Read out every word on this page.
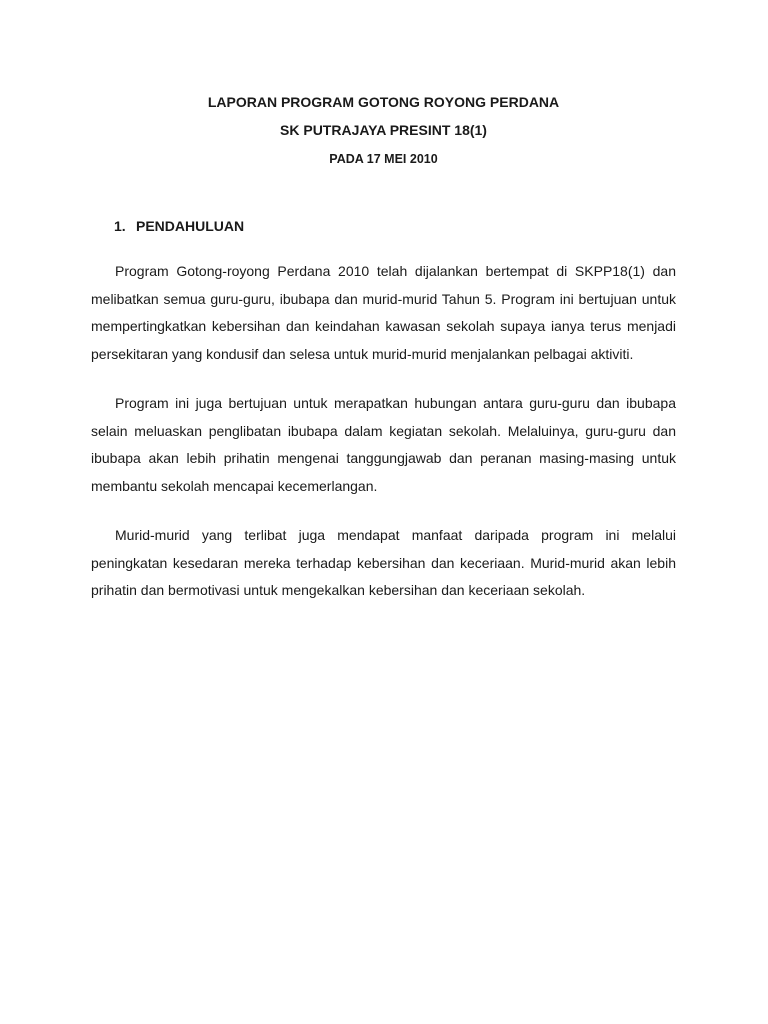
LAPORAN PROGRAM GOTONG ROYONG PERDANA

SK PUTRAJAYA PRESINT 18(1)

PADA 17 MEI 2010

1. PENDAHULUAN

Program Gotong-royong Perdana 2010 telah dijalankan bertempat di SKPP18(1) dan melibatkan semua guru-guru, ibubapa dan murid-murid Tahun 5. Program ini bertujuan untuk mempertingkatkan kebersihan dan keindahan kawasan sekolah supaya ianya terus menjadi persekitaran yang kondusif dan selesa untuk murid-murid menjalankan pelbagai aktiviti.

Program ini juga bertujuan untuk merapatkan hubungan antara guru-guru dan ibubapa selain meluaskan penglibatan ibubapa dalam kegiatan sekolah. Melaluinya, guru-guru dan ibubapa akan lebih prihatin mengenai tanggungjawab dan peranan masing-masing untuk membantu sekolah mencapai kecemerlangan.

Murid-murid yang terlibat juga mendapat manfaat daripada program ini melalui peningkatan kesedaran mereka terhadap kebersihan dan keceriaan. Murid-murid akan lebih prihatin dan bermotivasi untuk mengekalkan kebersihan dan keceriaan sekolah.
